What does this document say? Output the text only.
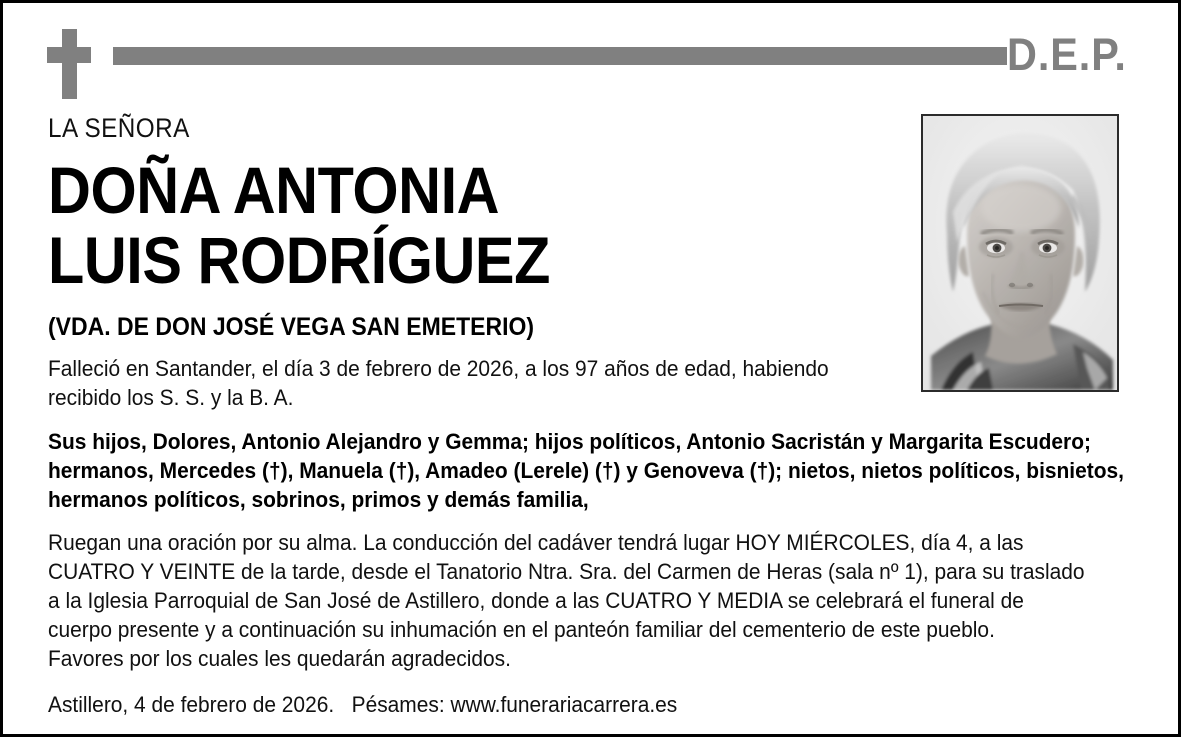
D.E.P.
LA SEÑORA
DOÑA ANTONIA
LUIS RODRÍGUEZ
(VDA. DE DON JOSÉ VEGA SAN EMETERIO)
Falleció en Santander, el día 3 de febrero de 2026, a los 97 años de edad, habiendo
recibido los S. S. y la B. A.
Sus hijos, Dolores, Antonio Alejandro y Gemma; hijos políticos, Antonio Sacristán y Margarita Escudero;
hermanos, Mercedes (†), Manuela (†), Amadeo (Lerele) (†) y Genoveva (†); nietos, nietos políticos, bisnietos,
hermanos políticos, sobrinos, primos y demás familia,
Ruegan una oración por su alma. La conducción del cadáver tendrá lugar HOY MIÉRCOLES, día 4, a las
CUATRO Y VEINTE de la tarde, desde el Tanatorio Ntra. Sra. del Carmen de Heras (sala nº 1), para su traslado
a la Iglesia Parroquial de San José de Astillero, donde a las CUATRO Y MEDIA se celebrará el funeral de
cuerpo presente y a continuación su inhumación en el panteón familiar del cementerio de este pueblo.
Favores por los cuales les quedarán agradecidos.
Astillero, 4 de febrero de 2026. Pésames: www.funerariacarrera.es
